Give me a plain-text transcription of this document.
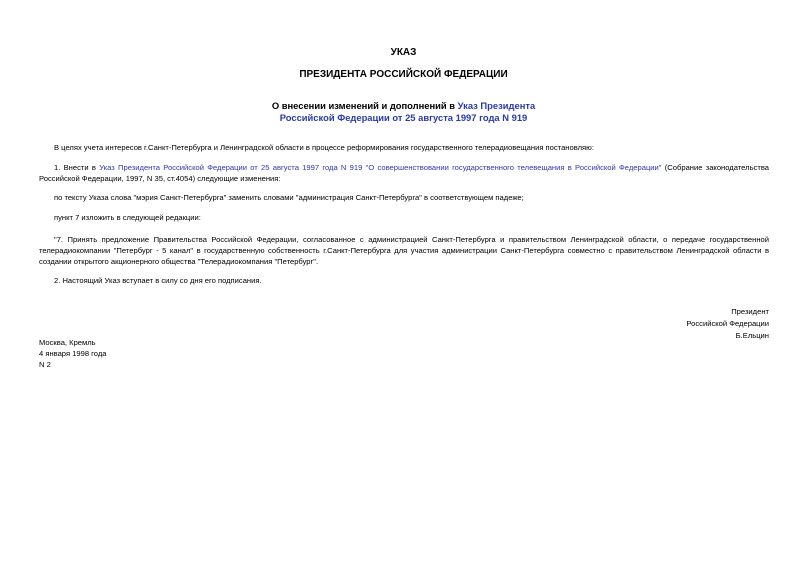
УКАЗ
ПРЕЗИДЕНТА РОССИЙСКОЙ ФЕДЕРАЦИИ
О внесении изменений и дополнений в Указ Президента
Российской Федерации от 25 августа 1997 года N 919
В целях учета интересов г.Санкт-Петербурга и Ленинградской области в процессе реформирования государственного телерадиовещания постановляю:
1. Внести в Указ Президента Российской Федерации от 25 августа 1997 года N 919 "О совершенствовании государственного телевещания в Российской Федерации" (Собрание законодательства Российской Федерации, 1997, N 35, ст.4054) следующие изменения:
по тексту Указа слова "мэрия Санкт-Петербурга" заменить словами "администрация Санкт-Петербурга" в соответствующем падеже;
пункт 7 изложить в следующей редакции:
"7. Принять предложение Правительства Российской Федерации, согласованное с администрацией Санкт-Петербурга и правительством Ленинградской области, о передаче государственной телерадиокомпании "Петербург - 5 канал" в государственную собственность г.Санкт-Петербурга для участия администрации Санкт-Петербурга совместно с правительством Ленинградской области в создании открытого акционерного общества "Телерадиокомпания "Петербург".
2. Настоящий Указ вступает в силу со дня его подписания.
Президент
Российской Федерации
Б.Ельцин
Москва, Кремль
4 января 1998 года
N 2
